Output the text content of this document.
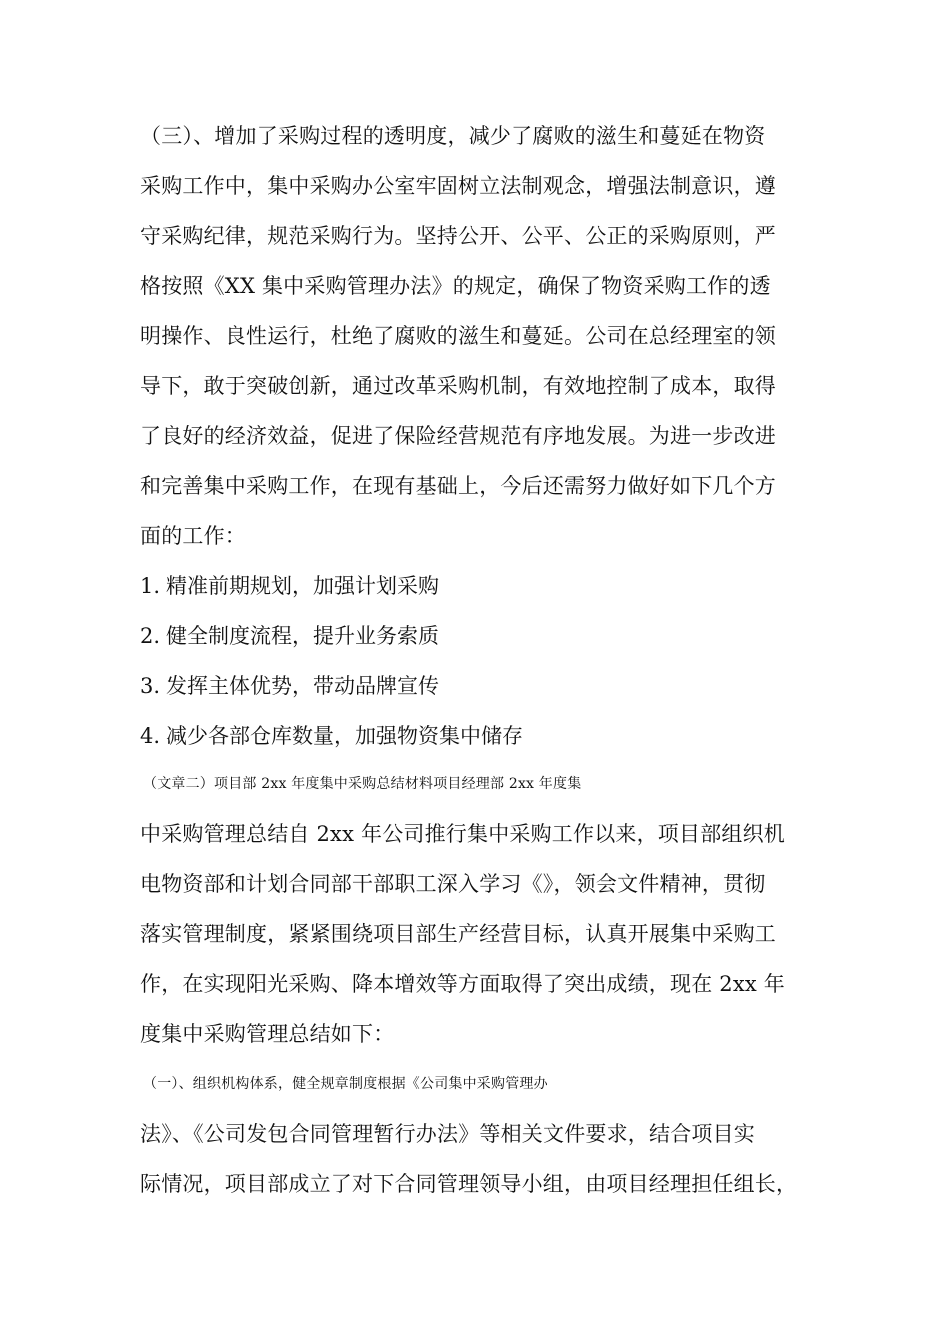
（三）、增加了采购过程的透明度，减少了腐败的滋生和蔓延在物资
采购工作中，集中采购办公室牢固树立法制观念，增强法制意识，遵
守采购纪律，规范采购行为。坚持公开、公平、公正的采购原则，严
格按照《XX 集中采购管理办法》的规定，确保了物资采购工作的透
明操作、良性运行，杜绝了腐败的滋生和蔓延。公司在总经理室的领
导下，敢于突破创新，通过改革采购机制，有效地控制了成本，取得
了良好的经济效益，促进了保险经营规范有序地发展。为进一步改进
和完善集中采购工作，在现有基础上，今后还需努力做好如下几个方
面的工作：
1. 精准前期规划，加强计划采购
2. 健全制度流程，提升业务索质
3. 发挥主体优势，带动品牌宣传
4. 减少各部仓库数量，加强物资集中储存
（文章二）项目部 2xx 年度集中采购总结材料项目经理部 2xx 年度集
中采购管理总结自 2xx 年公司推行集中采购工作以来，项目部组织机
电物资部和计划合同部干部职工深入学习《》，领会文件精神，贯彻
落实管理制度，紧紧围绕项目部生产经营目标，认真开展集中采购工
作，在实现阳光采购、降本增效等方面取得了突出成绩，现在 2xx 年
度集中采购管理总结如下：
（一）、组织机构体系，健全规章制度根据《公司集中采购管理办
法》、《公司发包合同管理暂行办法》等相关文件要求，结合项目实
际情况，项目部成立了对下合同管理领导小组，由项目经理担任组长，
